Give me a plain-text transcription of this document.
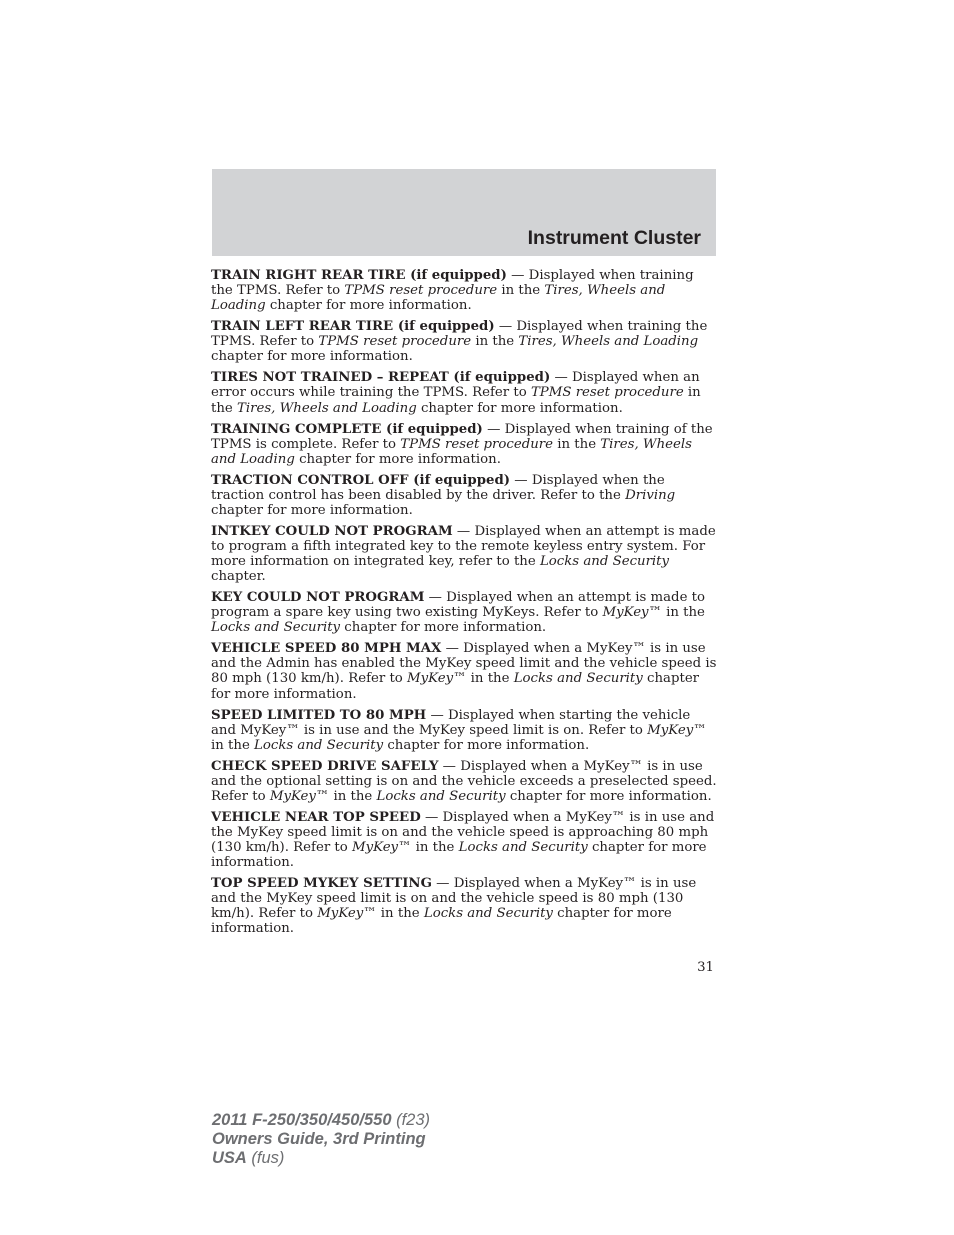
Instrument Cluster

TRAIN RIGHT REAR TIRE (if equipped) — Displayed when training the TPMS. Refer to TPMS reset procedure in the Tires, Wheels and Loading chapter for more information.

TRAIN LEFT REAR TIRE (if equipped) — Displayed when training the TPMS. Refer to TPMS reset procedure in the Tires, Wheels and Loading chapter for more information.

TIRES NOT TRAINED – REPEAT (if equipped) — Displayed when an error occurs while training the TPMS. Refer to TPMS reset procedure in the Tires, Wheels and Loading chapter for more information.

TRAINING COMPLETE (if equipped) — Displayed when training of the TPMS is complete. Refer to TPMS reset procedure in the Tires, Wheels and Loading chapter for more information.

TRACTION CONTROL OFF (if equipped) — Displayed when the traction control has been disabled by the driver. Refer to the Driving chapter for more information.

INTKEY COULD NOT PROGRAM — Displayed when an attempt is made to program a fifth integrated key to the remote keyless entry system. For more information on integrated key, refer to the Locks and Security chapter.

KEY COULD NOT PROGRAM — Displayed when an attempt is made to program a spare key using two existing MyKeys. Refer to MyKey™ in the Locks and Security chapter for more information.

VEHICLE SPEED 80 MPH MAX — Displayed when a MyKey™ is in use and the Admin has enabled the MyKey speed limit and the vehicle speed is 80 mph (130 km/h). Refer to MyKey™ in the Locks and Security chapter for more information.

SPEED LIMITED TO 80 MPH — Displayed when starting the vehicle and MyKey™ is in use and the MyKey speed limit is on. Refer to MyKey™ in the Locks and Security chapter for more information.

CHECK SPEED DRIVE SAFELY — Displayed when a MyKey™ is in use and the optional setting is on and the vehicle exceeds a preselected speed. Refer to MyKey™ in the Locks and Security chapter for more information.

VEHICLE NEAR TOP SPEED — Displayed when a MyKey™ is in use and the MyKey speed limit is on and the vehicle speed is approaching 80 mph (130 km/h). Refer to MyKey™ in the Locks and Security chapter for more information.

TOP SPEED MYKEY SETTING — Displayed when a MyKey™ is in use and the MyKey speed limit is on and the vehicle speed is 80 mph (130 km/h). Refer to MyKey™ in the Locks and Security chapter for more information.

31
2011 F-250/350/450/550 (f23)
Owners Guide, 3rd Printing
USA (fus)
